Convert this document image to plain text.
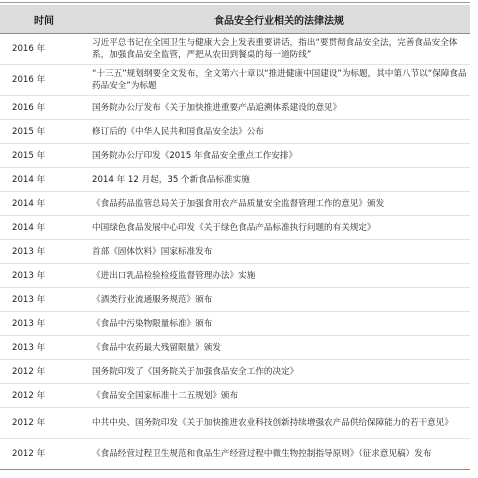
时间	食品安全行业相关的法律法规
2016 年	习近平总书记在全国卫生与健康大会上发表重要讲话，指出“要贯彻食品安全法，完善食品安全体系，加强食品安全监管，严把从农田到餐桌的每一道防线”
2016 年	“十三五”规划纲要全文发布，全文第六十章以“推进健康中国建设”为标题，其中第八节以“保障食品药品安全”为标题
2016 年	国务院办公厅发布《关于加快推进重要产品追溯体系建设的意见》
2015 年	修订后的《中华人民共和国食品安全法》公布
2015 年	国务院办公厅印发《2015 年食品安全重点工作安排》
2014 年	2014 年 12 月起，35 个新食品标准实施
2014 年	《食品药品监管总局关于加强食用农产品质量安全监督管理工作的意见》颁发
2014 年	中国绿色食品发展中心印发《关于绿色食品产品标准执行问题的有关规定》
2013 年	首部《固体饮料》国家标准发布
2013 年	《进出口乳品检验检疫监督管理办法》实施
2013 年	《酒类行业流通服务规范》颁布
2013 年	《食品中污染物限量标准》颁布
2013 年	《食品中农药最大残留限量》颁发
2012 年	国务院印发了《国务院关于加强食品安全工作的决定》
2012 年	《食品安全国家标准十二五规划》颁布
2012 年	中共中央、国务院印发《关于加快推进农业科技创新持续增强农产品供给保障能力的若干意见》
2012 年	《食品经营过程卫生规范和食品生产经营过程中微生物控制指导原则》（征求意见稿）发布
